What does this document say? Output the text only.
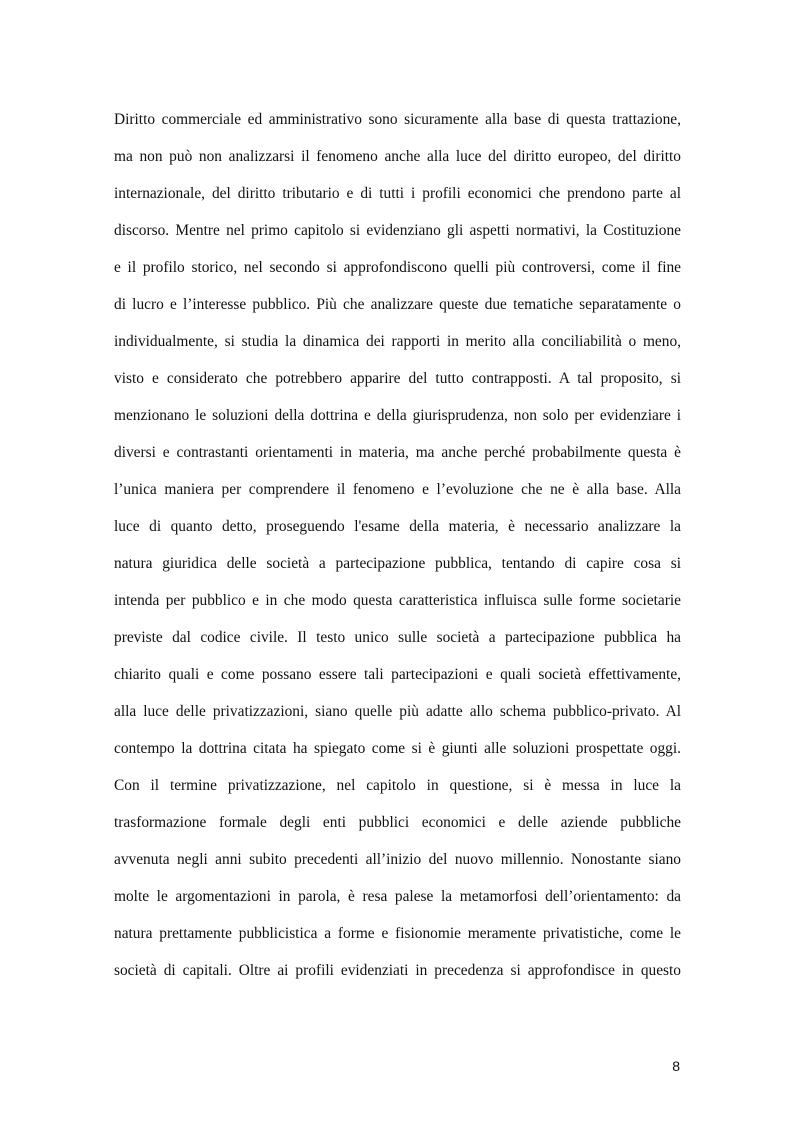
Diritto commerciale ed amministrativo sono sicuramente alla base di questa trattazione,
ma non può non analizzarsi il fenomeno anche alla luce del diritto europeo, del diritto
internazionale, del diritto tributario e di tutti i profili economici che prendono parte al
discorso. Mentre nel primo capitolo si evidenziano gli aspetti normativi, la Costituzione
e il profilo storico, nel secondo si approfondiscono quelli più controversi, come il fine
di lucro e l’interesse pubblico. Più che analizzare queste due tematiche separatamente o
individualmente, si studia la dinamica dei rapporti in merito alla conciliabilità o meno,
visto e considerato che potrebbero apparire del tutto contrapposti. A tal proposito, si
menzionano le soluzioni della dottrina e della giurisprudenza, non solo per evidenziare i
diversi e contrastanti orientamenti in materia, ma anche perché probabilmente questa è
l’unica maniera per comprendere il fenomeno e l’evoluzione che ne è alla base. Alla
luce di quanto detto, proseguendo l'esame della materia, è necessario analizzare la
natura giuridica delle società a partecipazione pubblica, tentando di capire cosa si
intenda per pubblico e in che modo questa caratteristica influisca sulle forme societarie
previste dal codice civile. Il testo unico sulle società a partecipazione pubblica ha
chiarito quali e come possano essere tali partecipazioni e quali società effettivamente,
alla luce delle privatizzazioni, siano quelle più adatte allo schema pubblico-privato. Al
contempo la dottrina citata ha spiegato come si è giunti alle soluzioni prospettate oggi.
Con il termine privatizzazione, nel capitolo in questione, si è messa in luce la
trasformazione formale degli enti pubblici economici e delle aziende pubbliche
avvenuta negli anni subito precedenti all’inizio del nuovo millennio. Nonostante siano
molte le argomentazioni in parola, è resa palese la metamorfosi dell’orientamento: da
natura prettamente pubblicistica a forme e fisionomie meramente privatistiche, come le
società di capitali. Oltre ai profili evidenziati in precedenza si approfondisce in questo
8
